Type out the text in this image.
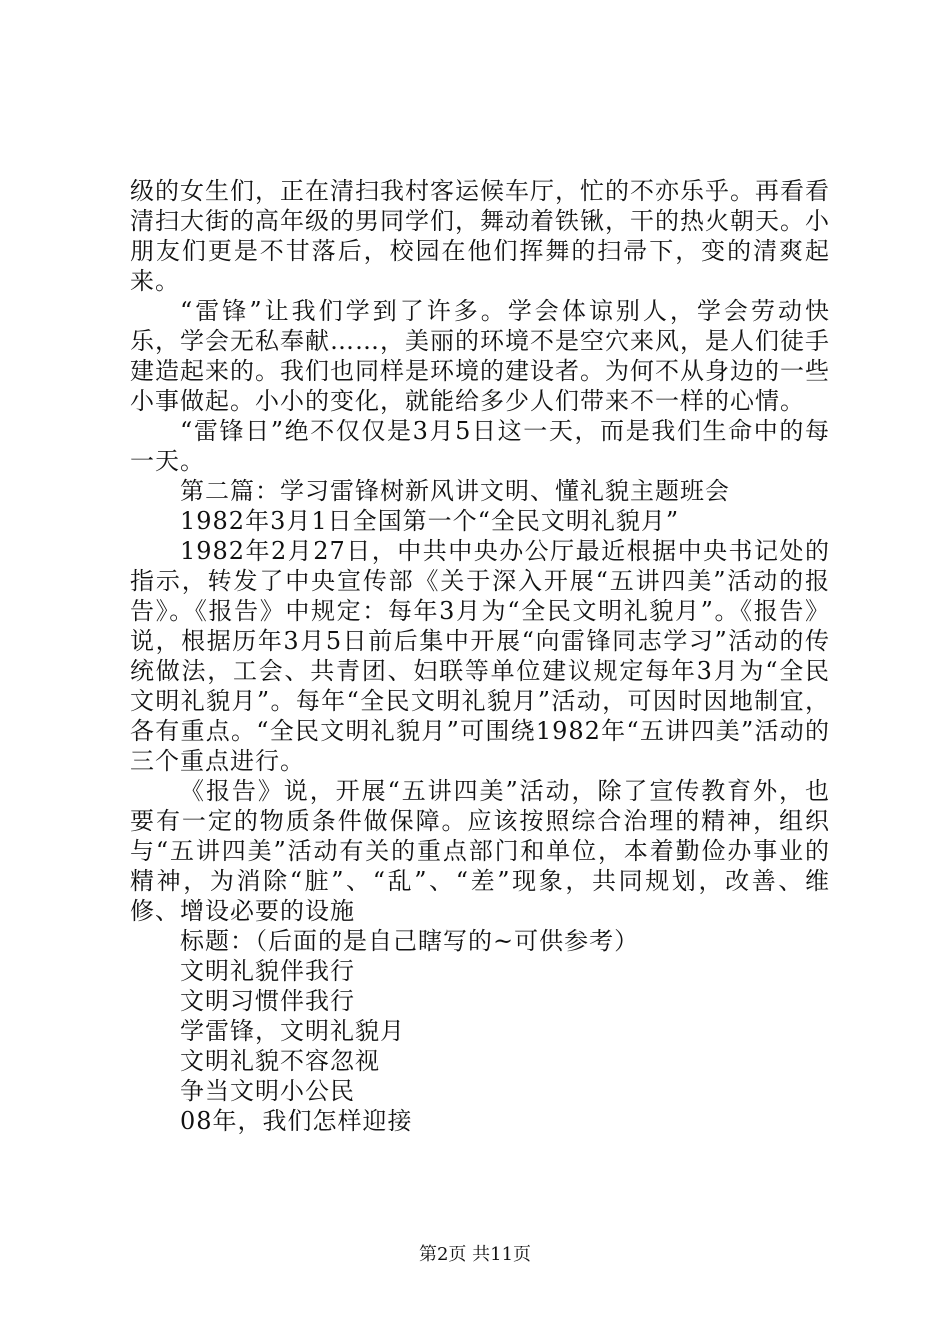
级的女生们，正在清扫我村客运候车厅，忙的不亦乐乎。再看看清扫大街的高年级的男同学们，舞动着铁锹，干的热火朝天。小朋友们更是不甘落后，校园在他们挥舞的扫帚下，变的清爽起来。

“雷锋”让我们学到了许多。学会体谅别人，学会劳动快乐，学会无私奉献……，美丽的环境不是空穴来风，是人们徒手建造起来的。我们也同样是环境的建设者。为何不从身边的一些小事做起。小小的变化，就能给多少人们带来不一样的心情。

“雷锋日”绝不仅仅是3月5日这一天，而是我们生命中的每一天。

第二篇：学习雷锋树新风讲文明、懂礼貌主题班会

1982年3月1日全国第一个“全民文明礼貌月”

1982年2月27日，中共中央办公厅最近根据中央书记处的指示，转发了中央宣传部《关于深入开展“五讲四美”活动的报告》。《报告》中规定：每年3月为“全民文明礼貌月”。《报告》说，根据历年3月5日前后集中开展“向雷锋同志学习”活动的传统做法，工会、共青团、妇联等单位建议规定每年3月为“全民文明礼貌月”。每年“全民文明礼貌月”活动，可因时因地制宜，各有重点。“全民文明礼貌月”可围绕1982年“五讲四美”活动的三个重点进行。

《报告》说，开展“五讲四美”活动，除了宣传教育外，也要有一定的物质条件做保障。应该按照综合治理的精神，组织与“五讲四美”活动有关的重点部门和单位，本着勤俭办事业的精神，为消除“脏”、“乱”、“差”现象，共同规划，改善、维修、增设必要的设施

标题：（后面的是自己瞎写的~可供参考）

文明礼貌伴我行
文明习惯伴我行
学雷锋，文明礼貌月
文明礼貌不容忽视
争当文明小公民
08年，我们怎样迎接
第2页 共11页
